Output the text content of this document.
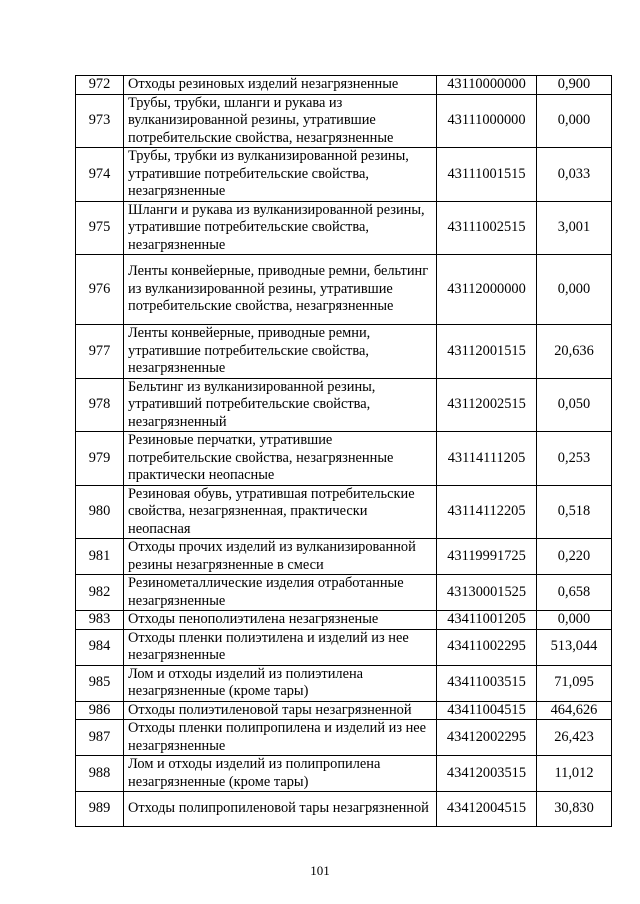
972	Отходы резиновых изделий незагрязненные	43110000000	0,900
973	Трубы, трубки, шланги и рукава из вулканизированной резины, утратившие потребительские свойства, незагрязненные	43111000000	0,000
974	Трубы, трубки из вулканизированной резины, утратившие потребительские свойства, незагрязненные	43111001515	0,033
975	Шланги и рукава из вулканизированной резины, утратившие потребительские свойства, незагрязненные	43111002515	3,001
976	Ленты конвейерные, приводные ремни, бельтинг из вулканизированной резины, утратившие потребительские свойства, незагрязненные	43112000000	0,000
977	Ленты конвейерные, приводные ремни, утратившие потребительские свойства, незагрязненные	43112001515	20,636
978	Бельтинг из вулканизированной резины, утративший потребительские свойства, незагрязненный	43112002515	0,050
979	Резиновые перчатки, утратившие потребительские свойства, незагрязненные практически неопасные	43114111205	0,253
980	Резиновая обувь, утратившая потребительские свойства, незагрязненная, практически неопасная	43114112205	0,518
981	Отходы прочих изделий из вулканизированной резины незагрязненные в смеси	43119991725	0,220
982	Резинометаллические изделия отработанные незагрязненные	43130001525	0,658
983	Отходы пенополиэтилена незагрязненые	43411001205	0,000
984	Отходы пленки полиэтилена и изделий из нее незагрязненные	43411002295	513,044
985	Лом и отходы изделий из полиэтилена незагрязненные (кроме тары)	43411003515	71,095
986	Отходы полиэтиленовой тары незагрязненной	43411004515	464,626
987	Отходы пленки полипропилена и изделий из нее незагрязненные	43412002295	26,423
988	Лом и отходы изделий из полипропилена незагрязненные (кроме тары)	43412003515	11,012
989	Отходы полипропиленовой тары незагрязненной	43412004515	30,830
101
